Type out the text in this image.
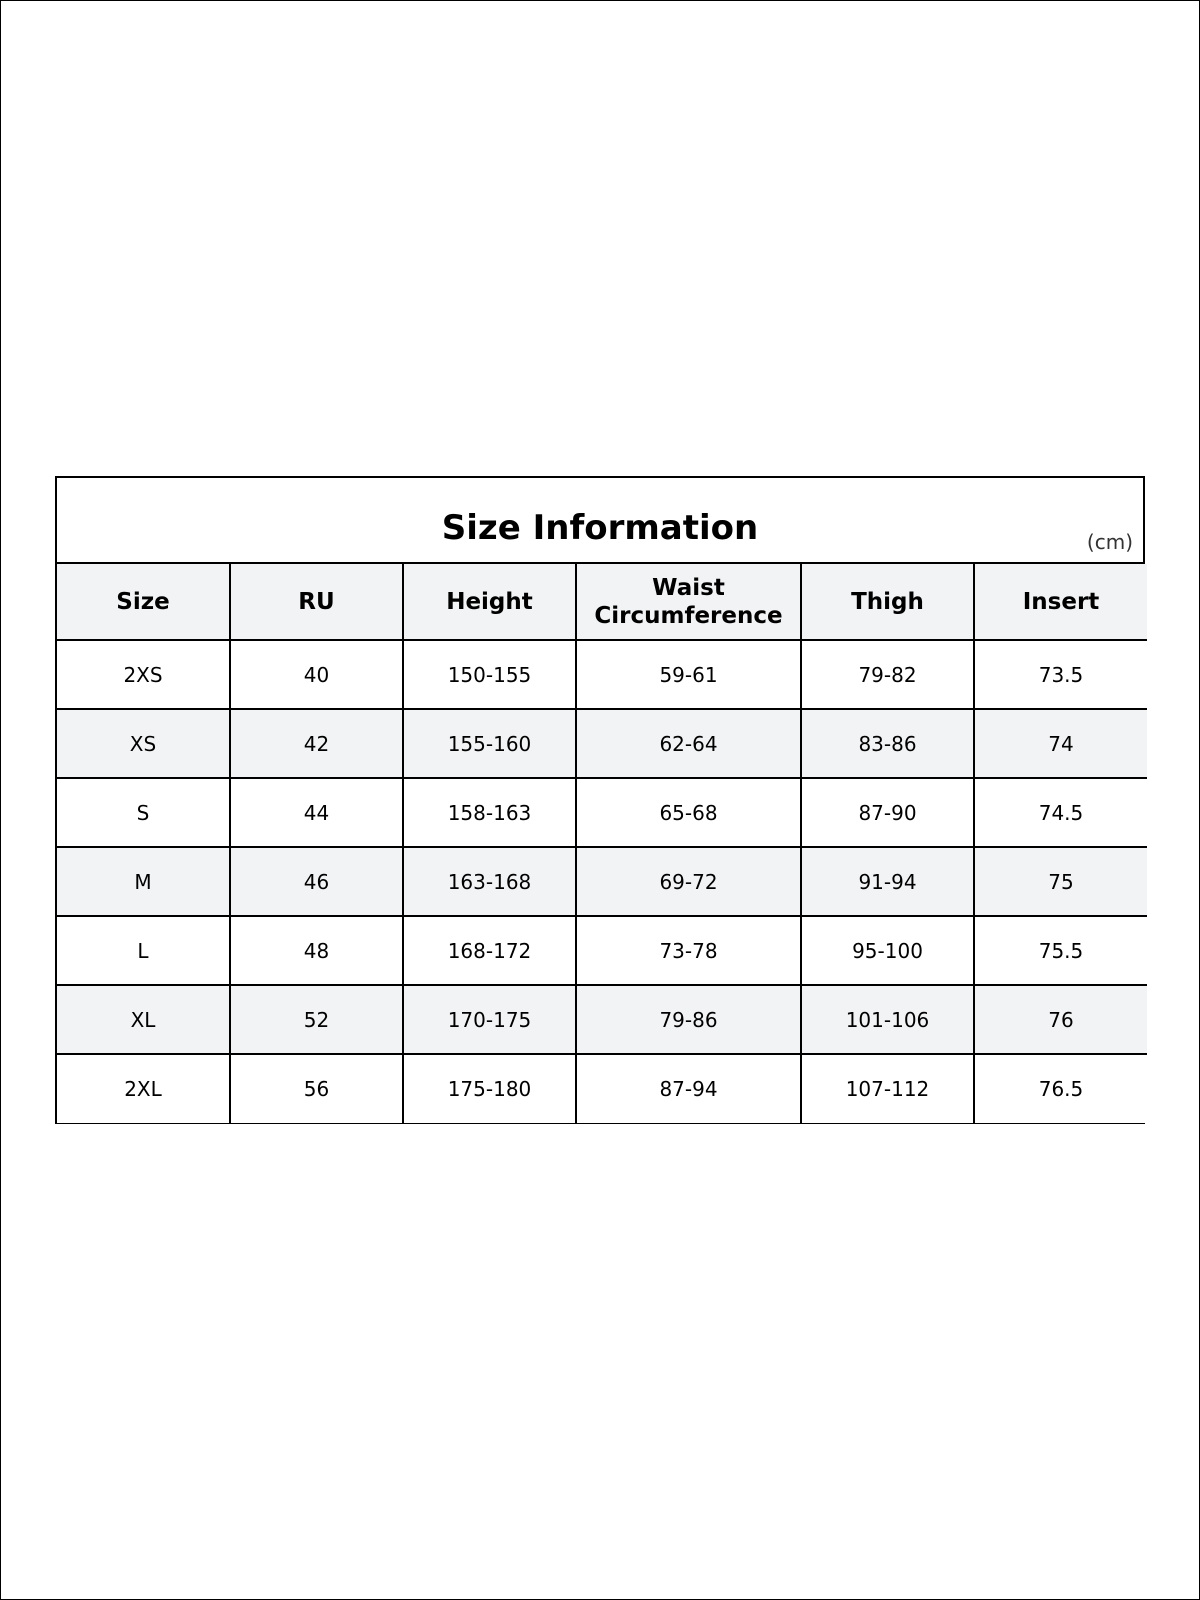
Size Information	(cm)
Size	RU	Height	Waist Circumference	Thigh	Insert
2XS	40	150-155	59-61	79-82	73.5
XS	42	155-160	62-64	83-86	74
S	44	158-163	65-68	87-90	74.5
M	46	163-168	69-72	91-94	75
L	48	168-172	73-78	95-100	75.5
XL	52	170-175	79-86	101-106	76
2XL	56	175-180	87-94	107-112	76.5
